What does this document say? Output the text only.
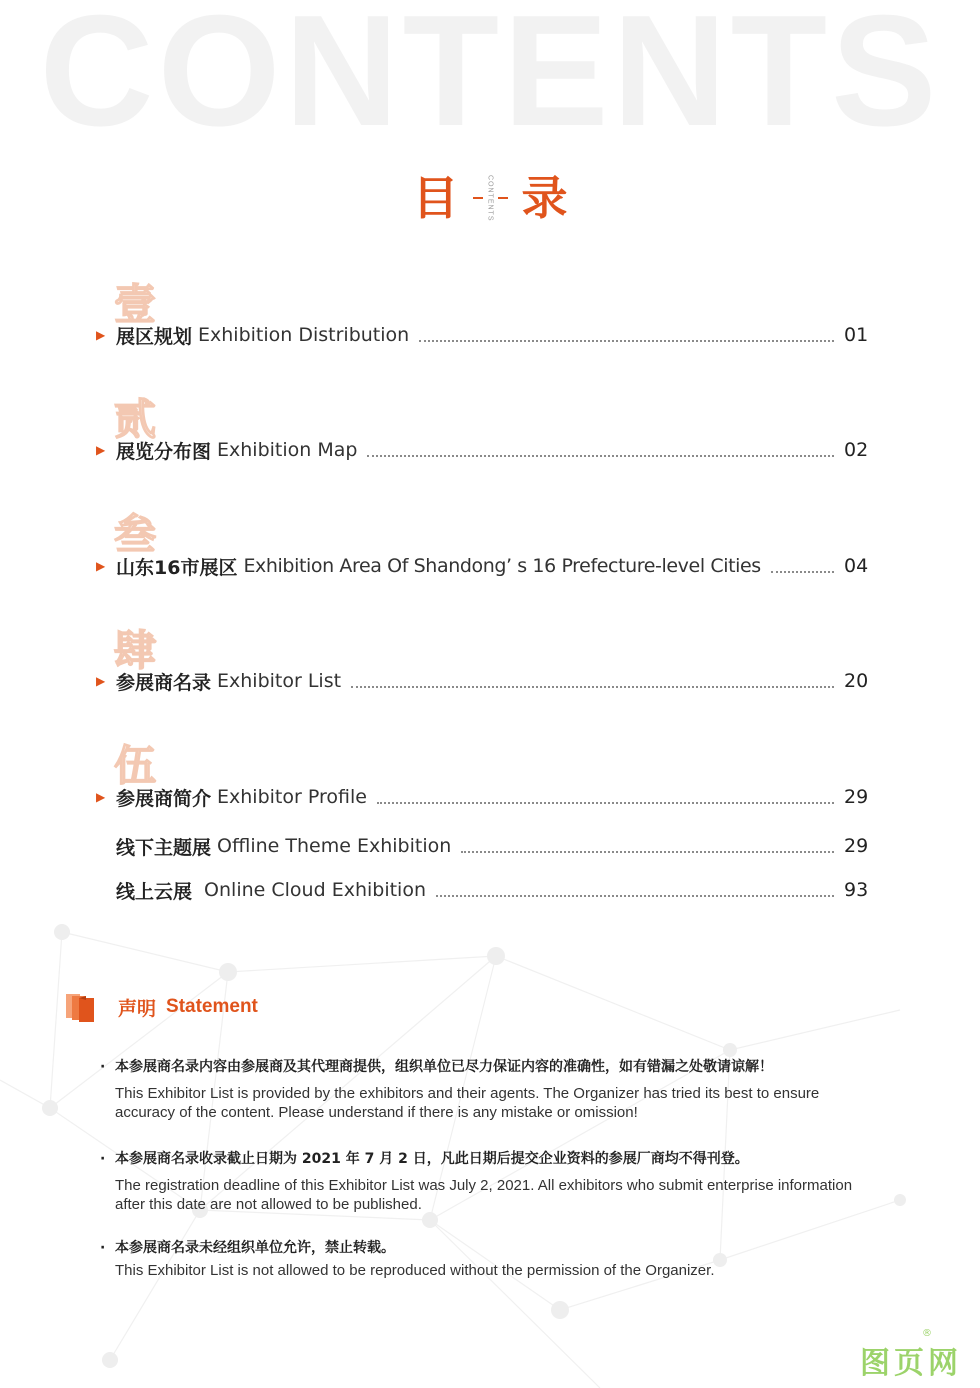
CONTENTS
目	CONTENTS 录
壹
贰
叁
肆
伍
▶ 展区规划 Exhibition Distribution	01
▶ 展览分布图 Exhibition Map	02
▶ 山东16市展区 Exhibition Area Of Shandong’ s 16 Prefecture-level Cities	04
▶ 参展商名录 Exhibitor List	20
▶ 参展商简介 Exhibitor Profile	29
线下主题展 Offline Theme Exhibition	29
线上云展 Online Cloud Exhibition	93
声明 Statement
· 本参展商名录内容由参展商及其代理商提供，组织单位已尽力保证内容的准确性，如有错漏之处敬请谅解！
This Exhibitor List is provided by the exhibitors and their agents. The Organizer has tried its best to ensure accuracy of the content. Please understand if there is any mistake or omission!
· 本参展商名录收录截止日期为 2021 年 7 月 2 日，凡此日期后提交企业资料的参展厂商均不得刊登。
The registration deadline of this Exhibitor List was July 2, 2021. All exhibitors who submit enterprise information after this date are not allowed to be published.
· 本参展商名录未经组织单位允许，禁止转载。
This Exhibitor List is not allowed to be reproduced without the permission of the Organizer.
®
图页网
